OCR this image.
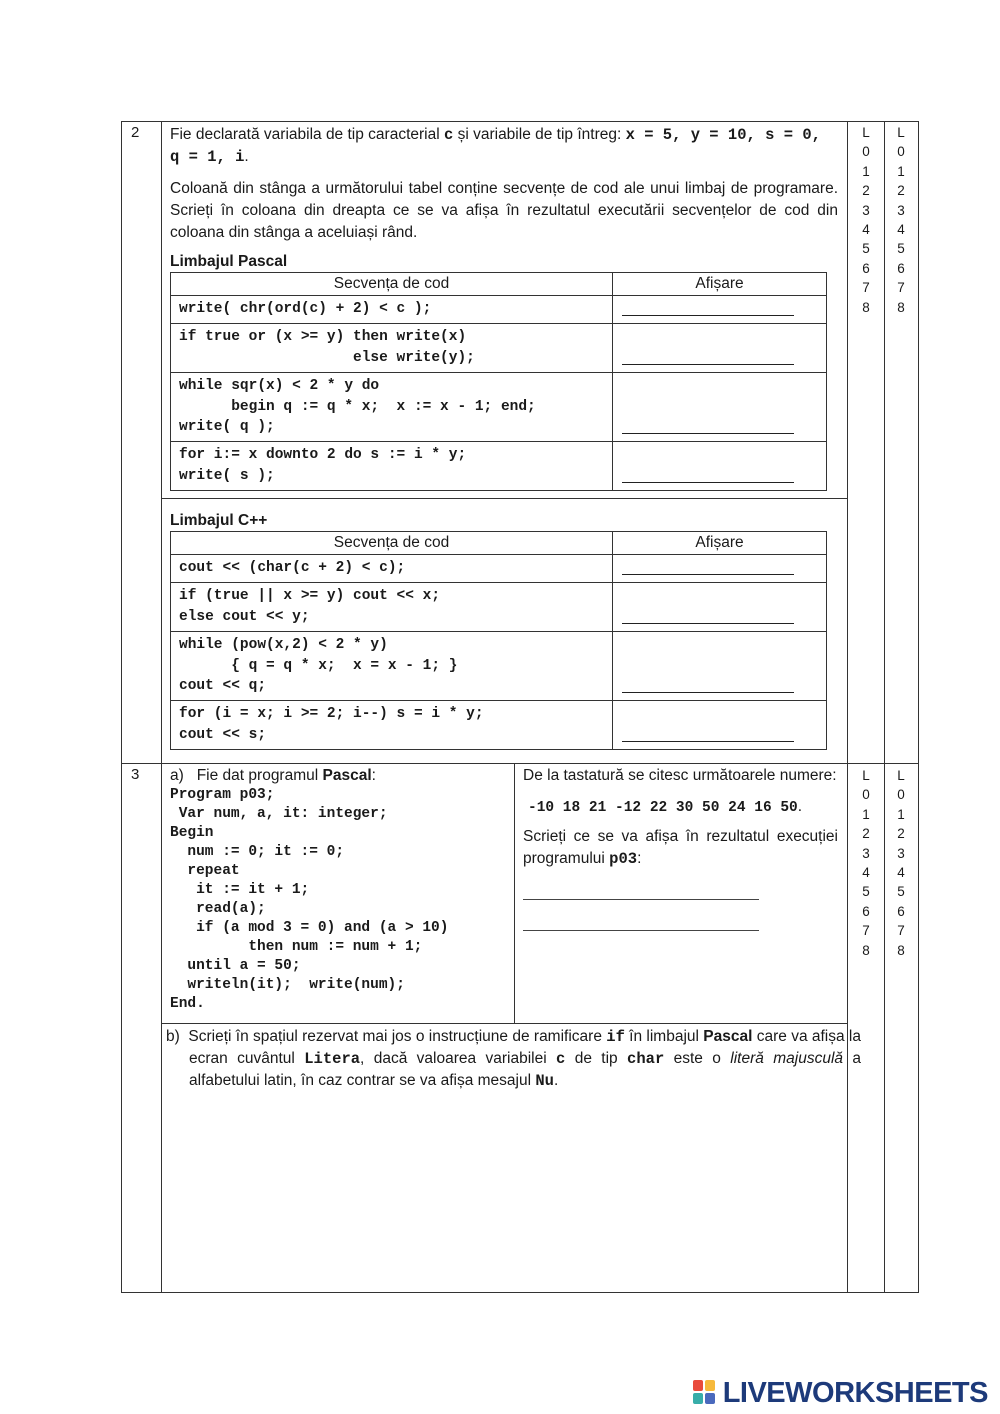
2 Fie declarată variabila de tip caracterial c și variabile de tip întreg: x = 5, y = 10, s = 0,
q = 1, i.
Coloană din stânga a următorului tabel conține secvențe de cod ale unui limbaj de programare. Scrieți în coloana din dreapta ce se va afișa în rezultatul executării secvențelor de cod din coloana din stânga a aceluiași rând.
Limbajul Pascal
Secvența de cod	Afișare

write( chr(ord(c) + 2) < c );	

if true or (x >= y) then write(x)
else write(y);	

while sqr(x) < 2 * y do
begin q := q * x;  x := x - 1; end;
write( q );	

for i:= x downto 2 do s := i * y;
write( s );	

Limbajul C++
Secvența de cod	Afișare

cout << (char(c + 2) < c);	

if (true || x >= y) cout << x;
else cout << y;	

while (pow(x,2) < 2 * y)
{ q = q * x;  x = x - 1; }
cout << q;	

for (i = x; i >= 2; i--) s = i * y;
cout << s;	

L
0
1
2
3
4
5
6
7
8
L
0
1
2
3
4
5
6
7
8
3 a) Fie dat programul Pascal:
Program p03;
Var num, a, it: integer;
Begin
num := 0; it := 0;
repeat
it := it + 1;
read(a);
if (a mod 3 = 0) and (a > 10)
then num := num + 1;
until a = 50;
writeln(it);  write(num);
End.
De la tastatură se citesc următoarele numere:
-10 18 21 -12 22 30 50 24 16 50.
Scrieți ce se va afișa în rezultatul execuției programului p03:
b) Scrieți în spațiul rezervat mai jos o instrucțiune de ramificare if în limbajul Pascal care va afișa la ecran cuvântul Litera, dacă valoarea variabilei c de tip char este o literă majusculă a alfabetului latin, în caz contrar se va afișa mesajul Nu.
L
0
1
2
3
4
5
6
7
8
L
0
1
2
3
4
5
6
7
8
LIVEWORKSHEETS
